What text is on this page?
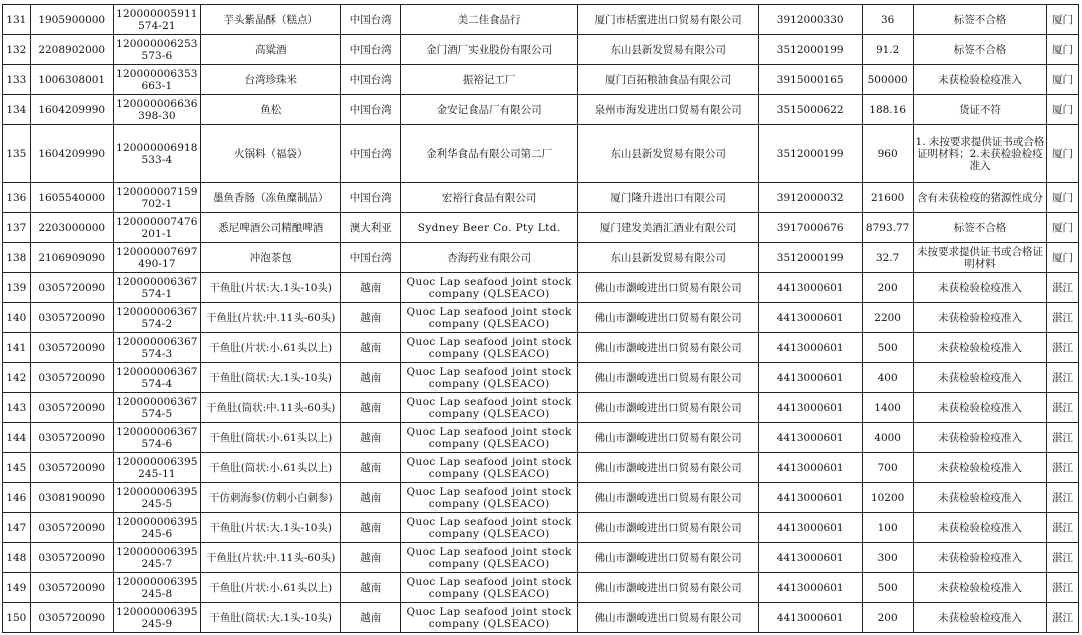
131	1905900000	120000005911574-21	芋头紫晶酥（糕点）	中国台湾	美二佳食品行	厦门市栝蜜进出口贸易有限公司	3912000330	36	标签不合格	厦门
132	2208902000	120000006253573-6	高粱酒	中国台湾	金门酒厂实业股份有限公司	东山县新发贸易有限公司	3512000199	91.2	标签不合格	厦门
133	1006308001	120000006353663-1	台湾珍珠米	中国台湾	振裕记工厂	厦门百拓粮油食品有限公司	3915000165	500000	未获检验检疫准入	厦门
134	1604209990	120000006636398-30	鱼松	中国台湾	金安记食品厂有限公司	泉州市海发进出口贸易有限公司	3515000622	188.16	货证不符	厦门
135	1604209990	120000006918533-4	火锅料（福袋）	中国台湾	金利华食品有限公司第二厂	东山县新发贸易有限公司	3512000199	960	1. 未按要求提供证书或合格证明材料；2.未获检验检疫准入	厦门
136	1605540000	120000007159702-1	墨鱼香肠（冻鱼糜制品）	中国台湾	宏裕行食品有限公司	厦门隆升进出口有限公司	3912000032	21600	含有未获检疫的猪源性成分	厦门
137	2203000000	120000007476201-1	悉尼啤酒公司精酿啤酒	澳大利亚	Sydney Beer Co. Pty Ltd.	厦门建发美酒汇酒业有限公司	3917000676	8793.77	标签不合格	厦门
138	2106909090	120000007697490-17	冲泡茶包	中国台湾	杏海药业有限公司	东山县新发贸易有限公司	3512000199	32.7	未按要求提供证书或合格证明材料	厦门
139	0305720090	120000006367574-1	干鱼肚(片状:大.1头-10头)	越南	Quoc Lap seafood joint stock company (QLSEACO)	佛山市灏峻进出口贸易有限公司	4413000601	200	未获检验检疫准入	湛江
140	0305720090	120000006367574-2	干鱼肚(片状:中.11头-60头)	越南	Quoc Lap seafood joint stock company (QLSEACO)	佛山市灏峻进出口贸易有限公司	4413000601	2200	未获检验检疫准入	湛江
141	0305720090	120000006367574-3	干鱼肚(片状:小.61头以上)	越南	Quoc Lap seafood joint stock company (QLSEACO)	佛山市灏峻进出口贸易有限公司	4413000601	500	未获检验检疫准入	湛江
142	0305720090	120000006367574-4	干鱼肚(筒状:大.1头-10头)	越南	Quoc Lap seafood joint stock company (QLSEACO)	佛山市灏峻进出口贸易有限公司	4413000601	400	未获检验检疫准入	湛江
143	0305720090	120000006367574-5	干鱼肚(筒状:中.11头-60头)	越南	Quoc Lap seafood joint stock company (QLSEACO)	佛山市灏峻进出口贸易有限公司	4413000601	1400	未获检验检疫准入	湛江
144	0305720090	120000006367574-6	干鱼肚(筒状:小.61头以上)	越南	Quoc Lap seafood joint stock company (QLSEACO)	佛山市灏峻进出口贸易有限公司	4413000601	4000	未获检验检疫准入	湛江
145	0305720090	120000006395245-11	干鱼肚(筒状:小.61头以上)	越南	Quoc Lap seafood joint stock company (QLSEACO)	佛山市灏峻进出口贸易有限公司	4413000601	700	未获检验检疫准入	湛江
146	0308190090	120000006395245-5	干仿刺海参(仿刺小白刺参)	越南	Quoc Lap seafood joint stock company (QLSEACO)	佛山市灏峻进出口贸易有限公司	4413000601	10200	未获检验检疫准入	湛江
147	0305720090	120000006395245-6	干鱼肚(片状:大.1头-10头)	越南	Quoc Lap seafood joint stock company (QLSEACO)	佛山市灏峻进出口贸易有限公司	4413000601	100	未获检验检疫准入	湛江
148	0305720090	120000006395245-7	干鱼肚(片状:中.11头-60头)	越南	Quoc Lap seafood joint stock company (QLSEACO)	佛山市灏峻进出口贸易有限公司	4413000601	300	未获检验检疫准入	湛江
149	0305720090	120000006395245-8	干鱼肚(片状:小.61头以上)	越南	Quoc Lap seafood joint stock company (QLSEACO)	佛山市灏峻进出口贸易有限公司	4413000601	500	未获检验检疫准入	湛江
150	0305720090	120000006395245-9	干鱼肚(筒状:大.1头-10头)	越南	Quoc Lap seafood joint stock company (QLSEACO)	佛山市灏峻进出口贸易有限公司	4413000601	200	未获检验检疫准入	湛江
